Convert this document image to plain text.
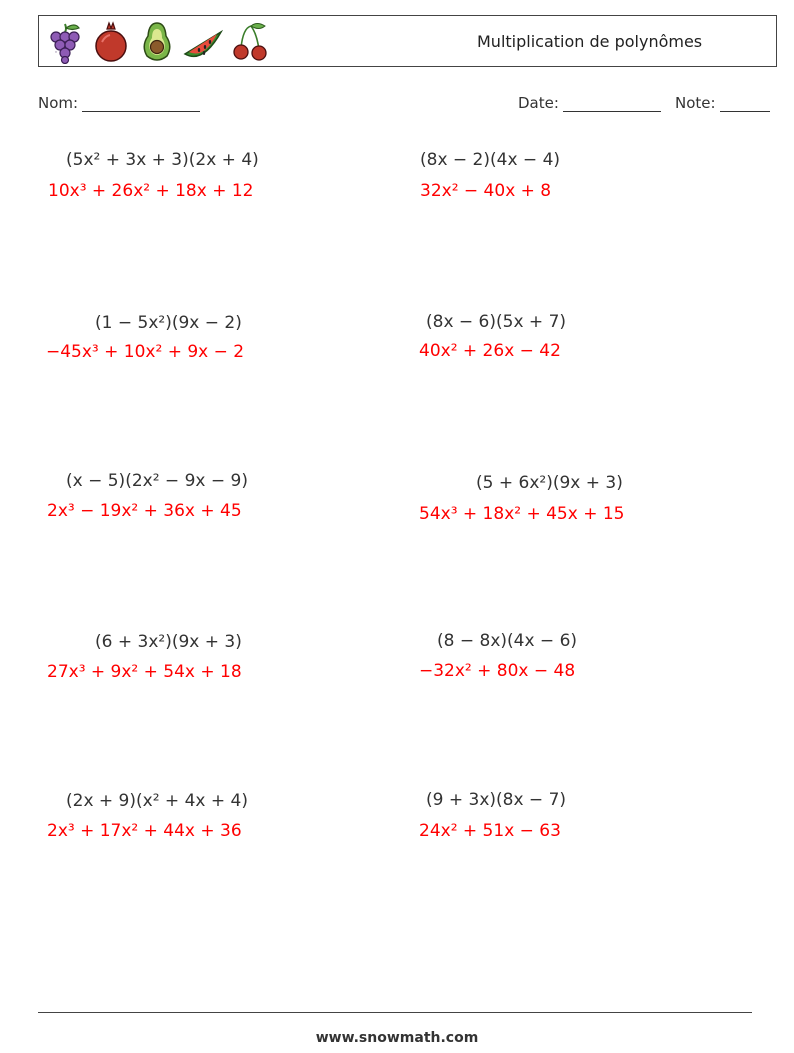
Multiplication de polynômes
Nom:	Date:	Note:
(5x² + 3x + 3)(2x + 4)
10x³ + 26x² + 18x + 12
(8x − 2)(4x − 4)
32x² − 40x + 8
(1 − 5x²)(9x − 2)
−45x³ + 10x² + 9x − 2
(8x − 6)(5x + 7)
40x² + 26x − 42
(x − 5)(2x² − 9x − 9)
2x³ − 19x² + 36x + 45
(5 + 6x²)(9x + 3)
54x³ + 18x² + 45x + 15
(6 + 3x²)(9x + 3)
27x³ + 9x² + 54x + 18
(8 − 8x)(4x − 6)
−32x² + 80x − 48
(2x + 9)(x² + 4x + 4)
2x³ + 17x² + 44x + 36
(9 + 3x)(8x − 7)
24x² + 51x − 63
www.snowmath.com
